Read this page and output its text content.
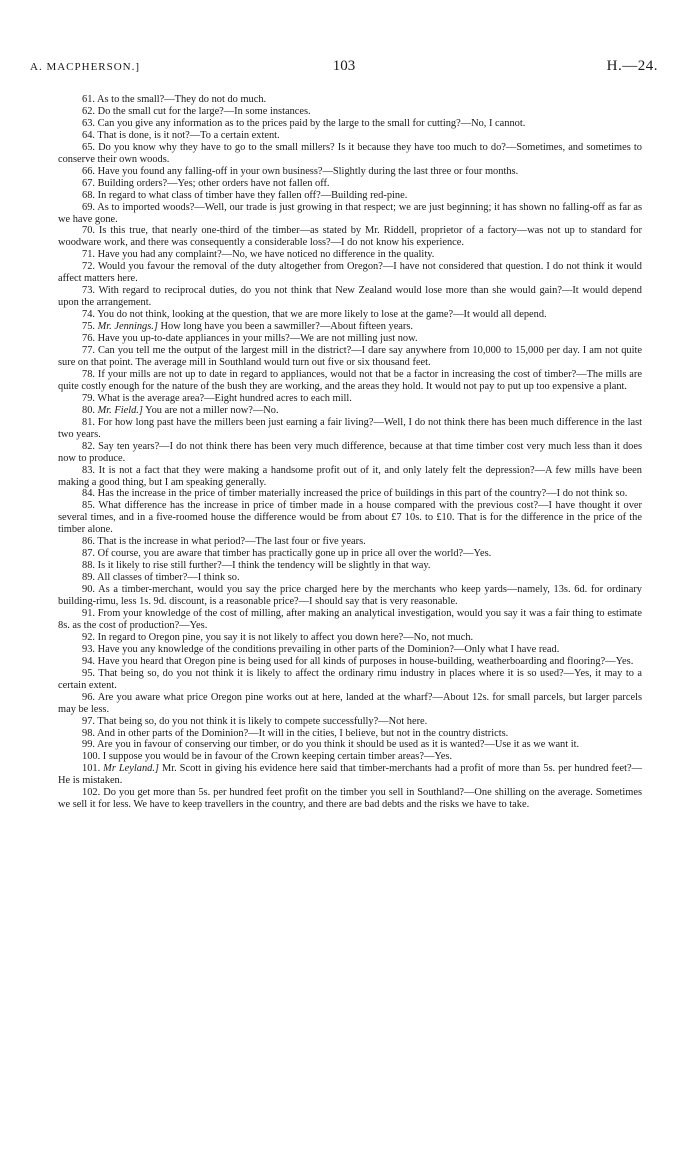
A. MACPHERSON.]	103	H.—24.

61. As to the small?—They do not do much.

62. Do the small cut for the large?—In some instances.

63. Can you give any information as to the prices paid by the large to the small for cutting?—No, I cannot.

64. That is done, is it not?—To a certain extent.

65. Do you know why they have to go to the small millers? Is it because they have too much to do?—Sometimes, and sometimes to conserve their own woods.

66. Have you found any falling-off in your own business?—Slightly during the last three or four months.

67. Building orders?—Yes; other orders have not fallen off.

68. In regard to what class of timber have they fallen off?—Building red-pine.

69. As to imported woods?—Well, our trade is just growing in that respect; we are just beginning; it has shown no falling-off as far as we have gone.

70. Is this true, that nearly one-third of the timber—as stated by Mr. Riddell, proprietor of a factory—was not up to standard for woodware work, and there was consequently a considerable loss?—I do not know his experience.

71. Have you had any complaint?—No, we have noticed no difference in the quality.

72. Would you favour the removal of the duty altogether from Oregon?—I have not considered that question. I do not think it would affect matters here.

73. With regard to reciprocal duties, do you not think that New Zealand would lose more than she would gain?—It would depend upon the arrangement.

74. You do not think, looking at the question, that we are more likely to lose at the game?—It would all depend.

75. Mr. Jennings.] How long have you been a sawmiller?—About fifteen years.

76. Have you up-to-date appliances in your mills?—We are not milling just now.

77. Can you tell me the output of the largest mill in the district?—I dare say anywhere from 10,000 to 15,000 per day. I am not quite sure on that point. The average mill in Southland would turn out five or six thousand feet.

78. If your mills are not up to date in regard to appliances, would not that be a factor in increasing the cost of timber?—The mills are quite costly enough for the nature of the bush they are working, and the areas they hold. It would not pay to put up too expensive a plant.

79. What is the average area?—Eight hundred acres to each mill.

80. Mr. Field.] You are not a miller now?—No.

81. For how long past have the millers been just earning a fair living?—Well, I do not think there has been much difference in the last two years.

82. Say ten years?—I do not think there has been very much difference, because at that time timber cost very much less than it does now to produce.

83. It is not a fact that they were making a handsome profit out of it, and only lately felt the depression?—A few mills have been making a good thing, but I am speaking generally.

84. Has the increase in the price of timber materially increased the price of buildings in this part of the country?—I do not think so.

85. What difference has the increase in price of timber made in a house compared with the previous cost?—I have thought it over several times, and in a five-roomed house the difference would be from about £7 10s. to £10. That is for the difference in the price of the timber alone.

86. That is the increase in what period?—The last four or five years.

87. Of course, you are aware that timber has practically gone up in price all over the world?—Yes.

88. Is it likely to rise still further?—I think the tendency will be slightly in that way.

89. All classes of timber?—I think so.

90. As a timber-merchant, would you say the price charged here by the merchants who keep yards—namely, 13s. 6d. for ordinary building-rimu, less 1s. 9d. discount, is a reasonable price?—I should say that is very reasonable.

91. From your knowledge of the cost of milling, after making an analytical investigation, would you say it was a fair thing to estimate 8s. as the cost of production?—Yes.

92. In regard to Oregon pine, you say it is not likely to affect you down here?—No, not much.

93. Have you any knowledge of the conditions prevailing in other parts of the Dominion?—Only what I have read.

94. Have you heard that Oregon pine is being used for all kinds of purposes in house-building, weatherboarding and flooring?—Yes.

95. That being so, do you not think it is likely to affect the ordinary rimu industry in places where it is so used?—Yes, it may to a certain extent.

96. Are you aware what price Oregon pine works out at here, landed at the wharf?—About 12s. for small parcels, but larger parcels may be less.

97. That being so, do you not think it is likely to compete successfully?—Not here.

98. And in other parts of the Dominion?—It will in the cities, I believe, but not in the country districts.

99. Are you in favour of conserving our timber, or do you think it should be used as it is wanted?—Use it as we want it.

100. I suppose you would be in favour of the Crown keeping certain timber areas?—Yes.

101. Mr Leyland.] Mr. Scott in giving his evidence here said that timber-merchants had a profit of more than 5s. per hundred feet?—He is mistaken.

102. Do you get more than 5s. per hundred feet profit on the timber you sell in Southland?—One shilling on the average. Sometimes we sell it for less. We have to keep travellers in the country, and there are bad debts and the risks we have to take.
